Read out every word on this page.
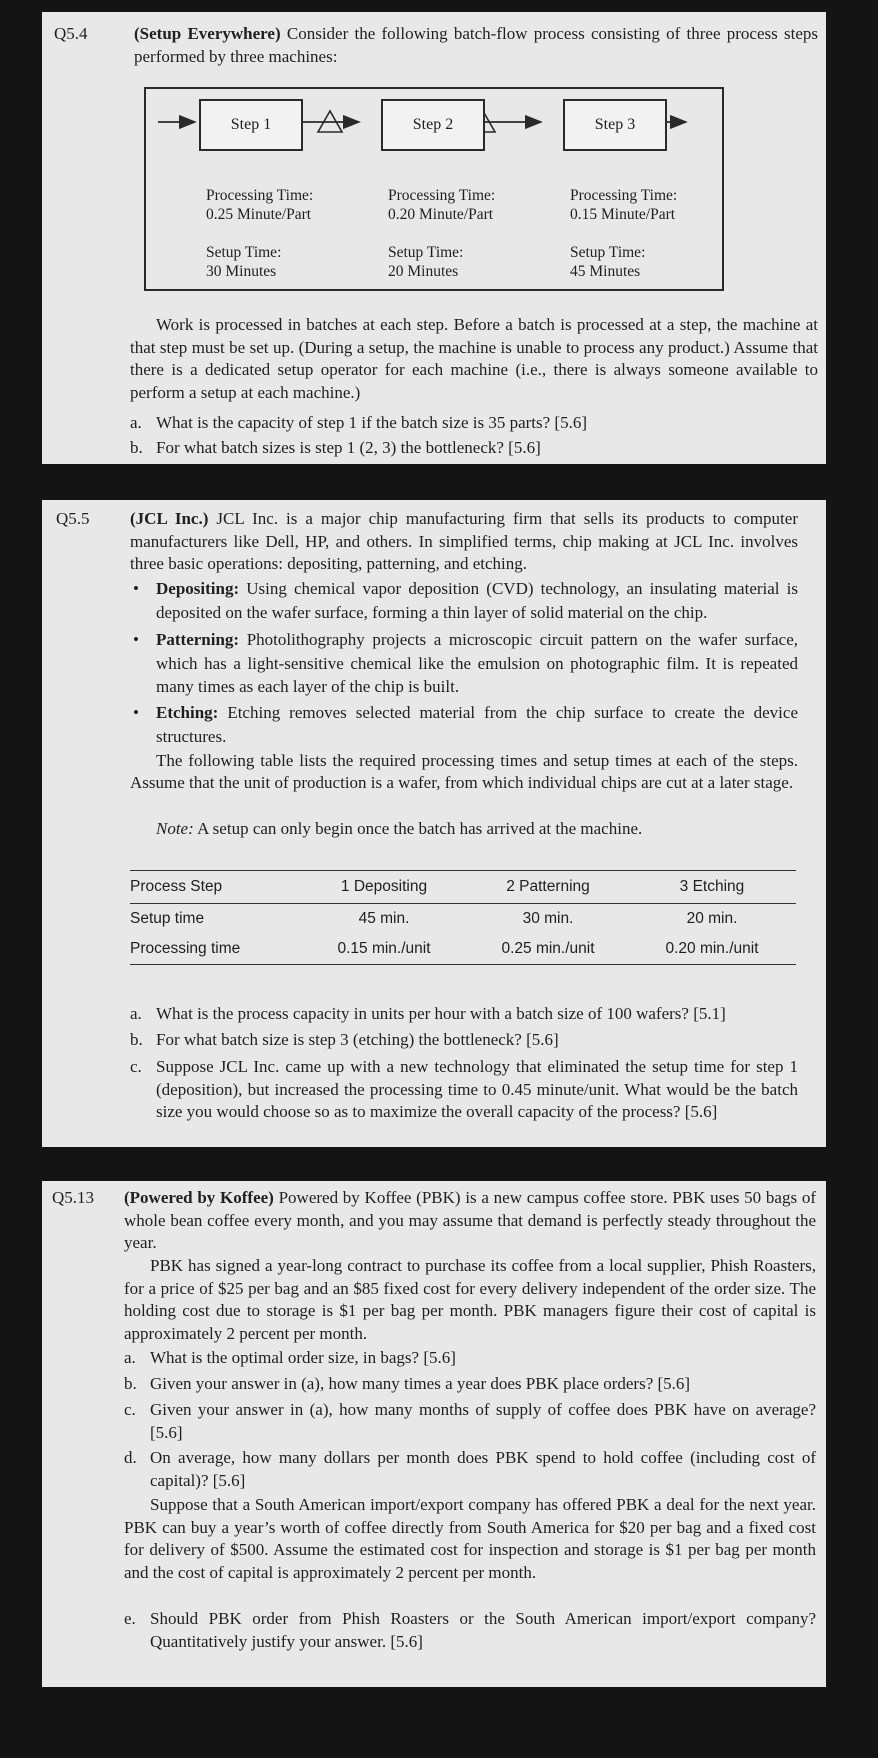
Q5.4	(Setup Everywhere) Consider the following batch-flow process consisting of three process steps performed by three machines:

Step 1	Step 2	Step 3
Processing Time:
0.25 Minute/Part
Processing Time:
0.20 Minute/Part
Processing Time:
0.15 Minute/Part
Setup Time:
30 Minutes
Setup Time:
20 Minutes
Setup Time:
45 Minutes

Work is processed in batches at each step. Before a batch is processed at a step, the machine at that step must be set up. (During a setup, the machine is unable to process any product.) Assume that there is a dedicated setup operator for each machine (i.e., there is always someone available to perform a setup at each machine.)

a. What is the capacity of step 1 if the batch size is 35 parts? [5.6]
b. For what batch sizes is step 1 (2, 3) the bottleneck? [5.6]
Q5.5 (JCL Inc.) JCL Inc. is a major chip manufacturing firm that sells its products to computer manufacturers like Dell, HP, and others. In simplified terms, chip making at JCL Inc. involves three basic operations: depositing, patterning, and etching.

• Depositing: Using chemical vapor deposition (CVD) technology, an insulating material is deposited on the wafer surface, forming a thin layer of solid material on the chip.
• Patterning: Photolithography projects a microscopic circuit pattern on the wafer surface, which has a light-sensitive chemical like the emulsion on photographic film. It is repeated many times as each layer of the chip is built.
• Etching: Etching removes selected material from the chip surface to create the device structures.

The following table lists the required processing times and setup times at each of the steps. Assume that the unit of production is a wafer, from which individual chips are cut at a later stage.

Note: A setup can only begin once the batch has arrived at the machine.

Process Step	1 Depositing	2 Patterning	3 Etching
Setup time	45 min.	30 min.	20 min.
Processing time	0.15 min./unit	0.25 min./unit	0.20 min./unit
a. What is the process capacity in units per hour with a batch size of 100 wafers? [5.1]
b. For what batch size is step 3 (etching) the bottleneck? [5.6]
c. Suppose JCL Inc. came up with a new technology that eliminated the setup time for step 1 (deposition), but increased the processing time to 0.45 minute/unit. What would be the batch size you would choose so as to maximize the overall capacity of the process? [5.6]
Q5.13 (Powered by Koffee) Powered by Koffee (PBK) is a new campus coffee store. PBK uses 50 bags of whole bean coffee every month, and you may assume that demand is perfectly steady throughout the year.

PBK has signed a year-long contract to purchase its coffee from a local supplier, Phish Roasters, for a price of $25 per bag and an $85 fixed cost for every delivery independent of the order size. The holding cost due to storage is $1 per bag per month. PBK managers figure their cost of capital is approximately 2 percent per month.

a. What is the optimal order size, in bags? [5.6]
b. Given your answer in (a), how many times a year does PBK place orders? [5.6]
c. Given your answer in (a), how many months of supply of coffee does PBK have on average? [5.6]
d. On average, how many dollars per month does PBK spend to hold coffee (including cost of capital)? [5.6]

Suppose that a South American import/export company has offered PBK a deal for the next year. PBK can buy a year’s worth of coffee directly from South America for $20 per bag and a fixed cost for delivery of $500. Assume the estimated cost for inspection and storage is $1 per bag per month and the cost of capital is approximately 2 percent per month.

e. Should PBK order from Phish Roasters or the South American import/export company? Quantitatively justify your answer. [5.6]
